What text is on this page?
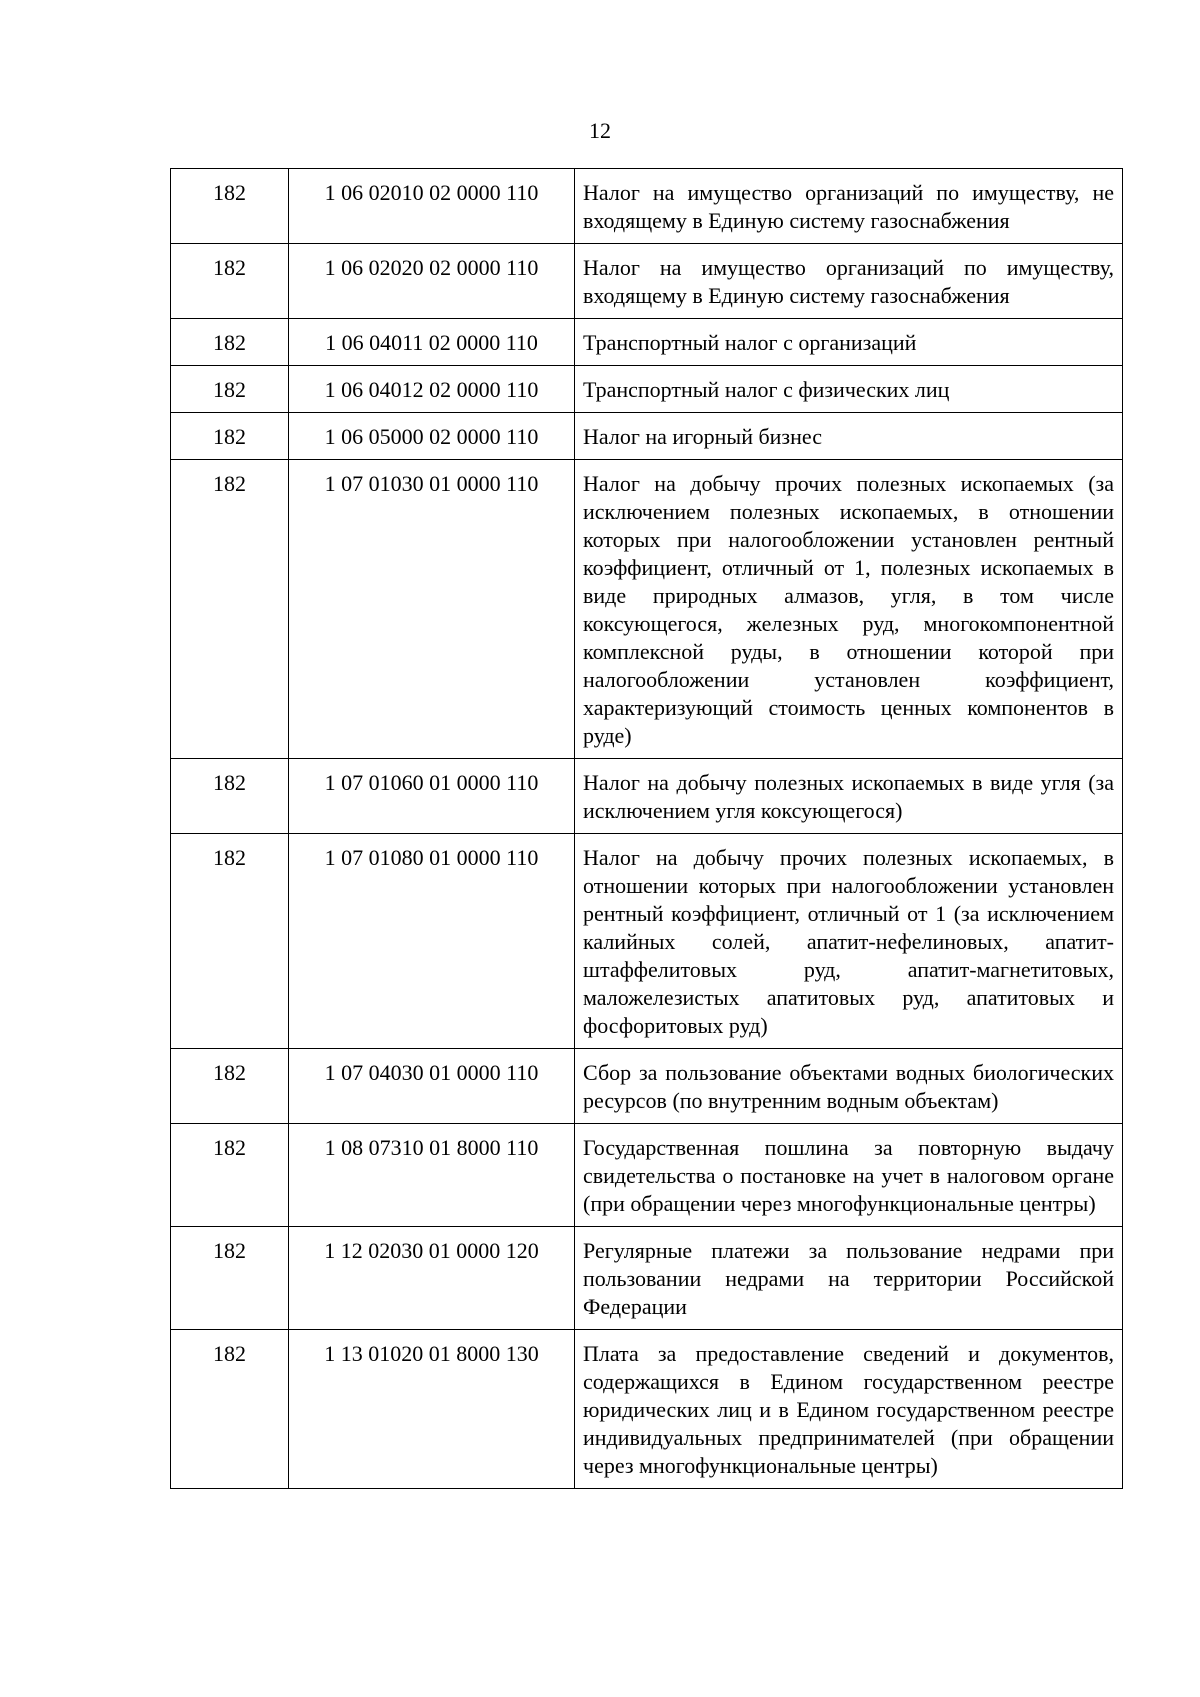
12
182	1 06 02010 02 0000 110	Налог на имущество организаций по имуществу, не входящему в Единую систему газоснабжения
182	1 06 02020 02 0000 110	Налог на имущество организаций по имуществу, входящему в Единую систему газоснабжения
182	1 06 04011 02 0000 110	Транспортный налог с организаций
182	1 06 04012 02 0000 110	Транспортный налог с физических лиц
182	1 06 05000 02 0000 110	Налог на игорный бизнес
182	1 07 01030 01 0000 110	Налог на добычу прочих полезных ископаемых (за исключением полезных ископаемых, в отношении которых при налогообложении установлен рентный коэффициент, отличный от 1, полезных ископаемых в виде природных алмазов, угля, в том числе коксующегося, железных руд, многокомпонентной комплексной руды, в отношении которой при налогообложении установлен коэффициент, характеризующий стоимость ценных компонентов в руде)
182	1 07 01060 01 0000 110	Налог на добычу полезных ископаемых в виде угля (за исключением угля коксующегося)
182	1 07 01080 01 0000 110	Налог на добычу прочих полезных ископаемых, в отношении которых при налогообложении установлен рентный коэффициент, отличный от 1 (за исключением калийных солей, апатит-нефелиновых, апатит-штаффелитовых руд, апатит-магнетитовых, маложелезистых апатитовых руд, апатитовых и фосфоритовых руд)
182	1 07 04030 01 0000 110	Сбор за пользование объектами водных биологических ресурсов (по внутренним водным объектам)
182	1 08 07310 01 8000 110	Государственная пошлина за повторную выдачу свидетельства о постановке на учет в налоговом органе (при обращении через многофункциональные центры)
182	1 12 02030 01 0000 120	Регулярные платежи за пользование недрами при пользовании недрами на территории Российской Федерации
182	1 13 01020 01 8000 130	Плата за предоставление сведений и документов, содержащихся в Едином государственном реестре юридических лиц и в Едином государственном реестре индивидуальных предпринимателей (при обращении через многофункциональные центры)
